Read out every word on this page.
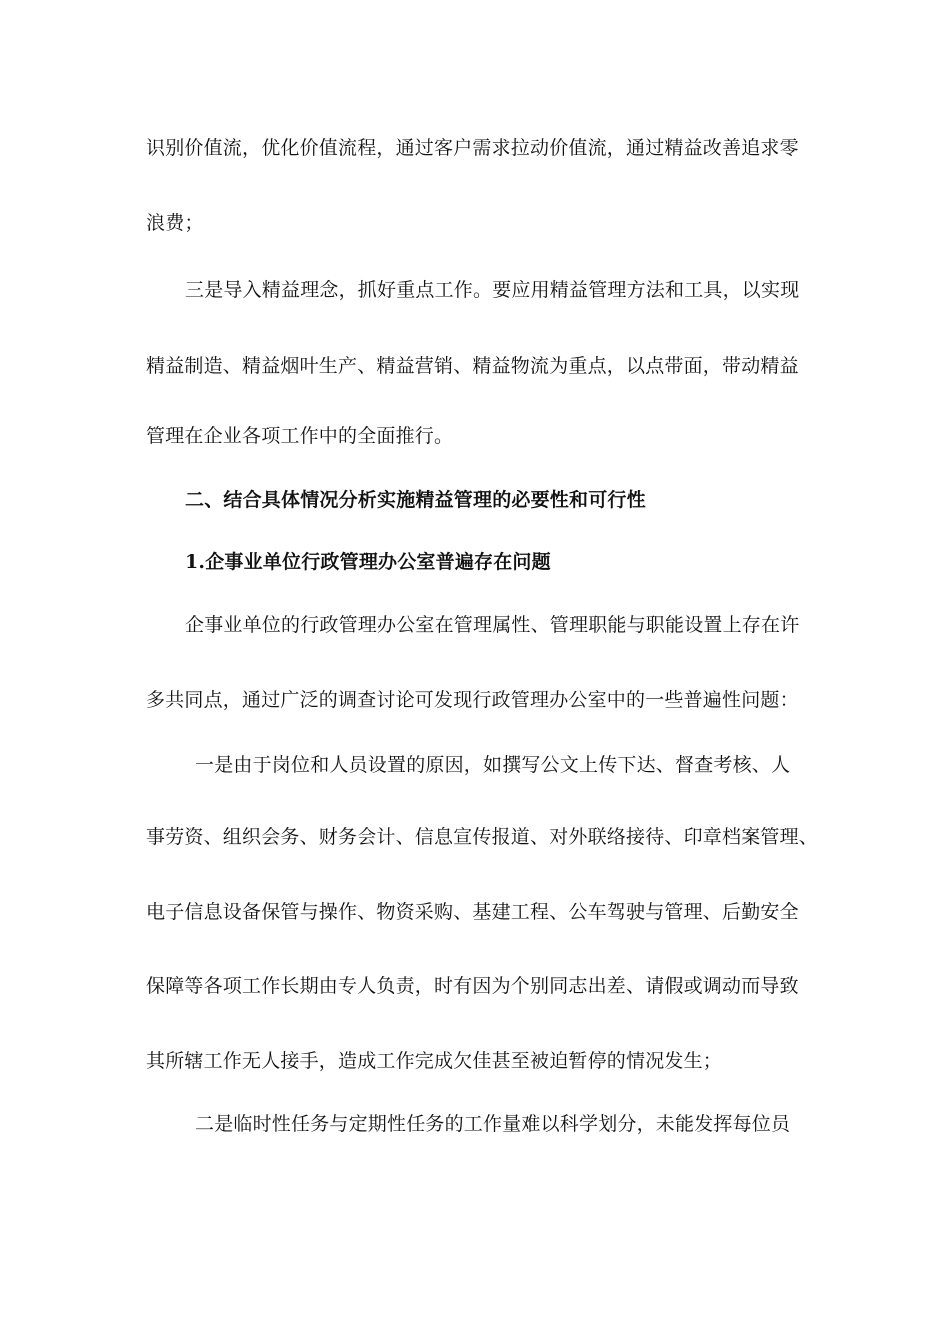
识别价值流，优化价值流程，通过客户需求拉动价值流，通过精益改善追求零
浪费；
三是导入精益理念，抓好重点工作。要应用精益管理方法和工具，以实现
精益制造、精益烟叶生产、精益营销、精益物流为重点，以点带面，带动精益
管理在企业各项工作中的全面推行。
二、结合具体情况分析实施精益管理的必要性和可行性
1.企事业单位行政管理办公室普遍存在问题
企事业单位的行政管理办公室在管理属性、管理职能与职能设置上存在许
多共同点，通过广泛的调查讨论可发现行政管理办公室中的一些普遍性问题：
一是由于岗位和人员设置的原因，如撰写公文上传下达、督查考核、人
事劳资、组织会务、财务会计、信息宣传报道、对外联络接待、印章档案管理、
电子信息设备保管与操作、物资采购、基建工程、公车驾驶与管理、后勤安全
保障等各项工作长期由专人负责，时有因为个别同志出差、请假或调动而导致
其所辖工作无人接手，造成工作完成欠佳甚至被迫暂停的情况发生；
二是临时性任务与定期性任务的工作量难以科学划分，未能发挥每位员
